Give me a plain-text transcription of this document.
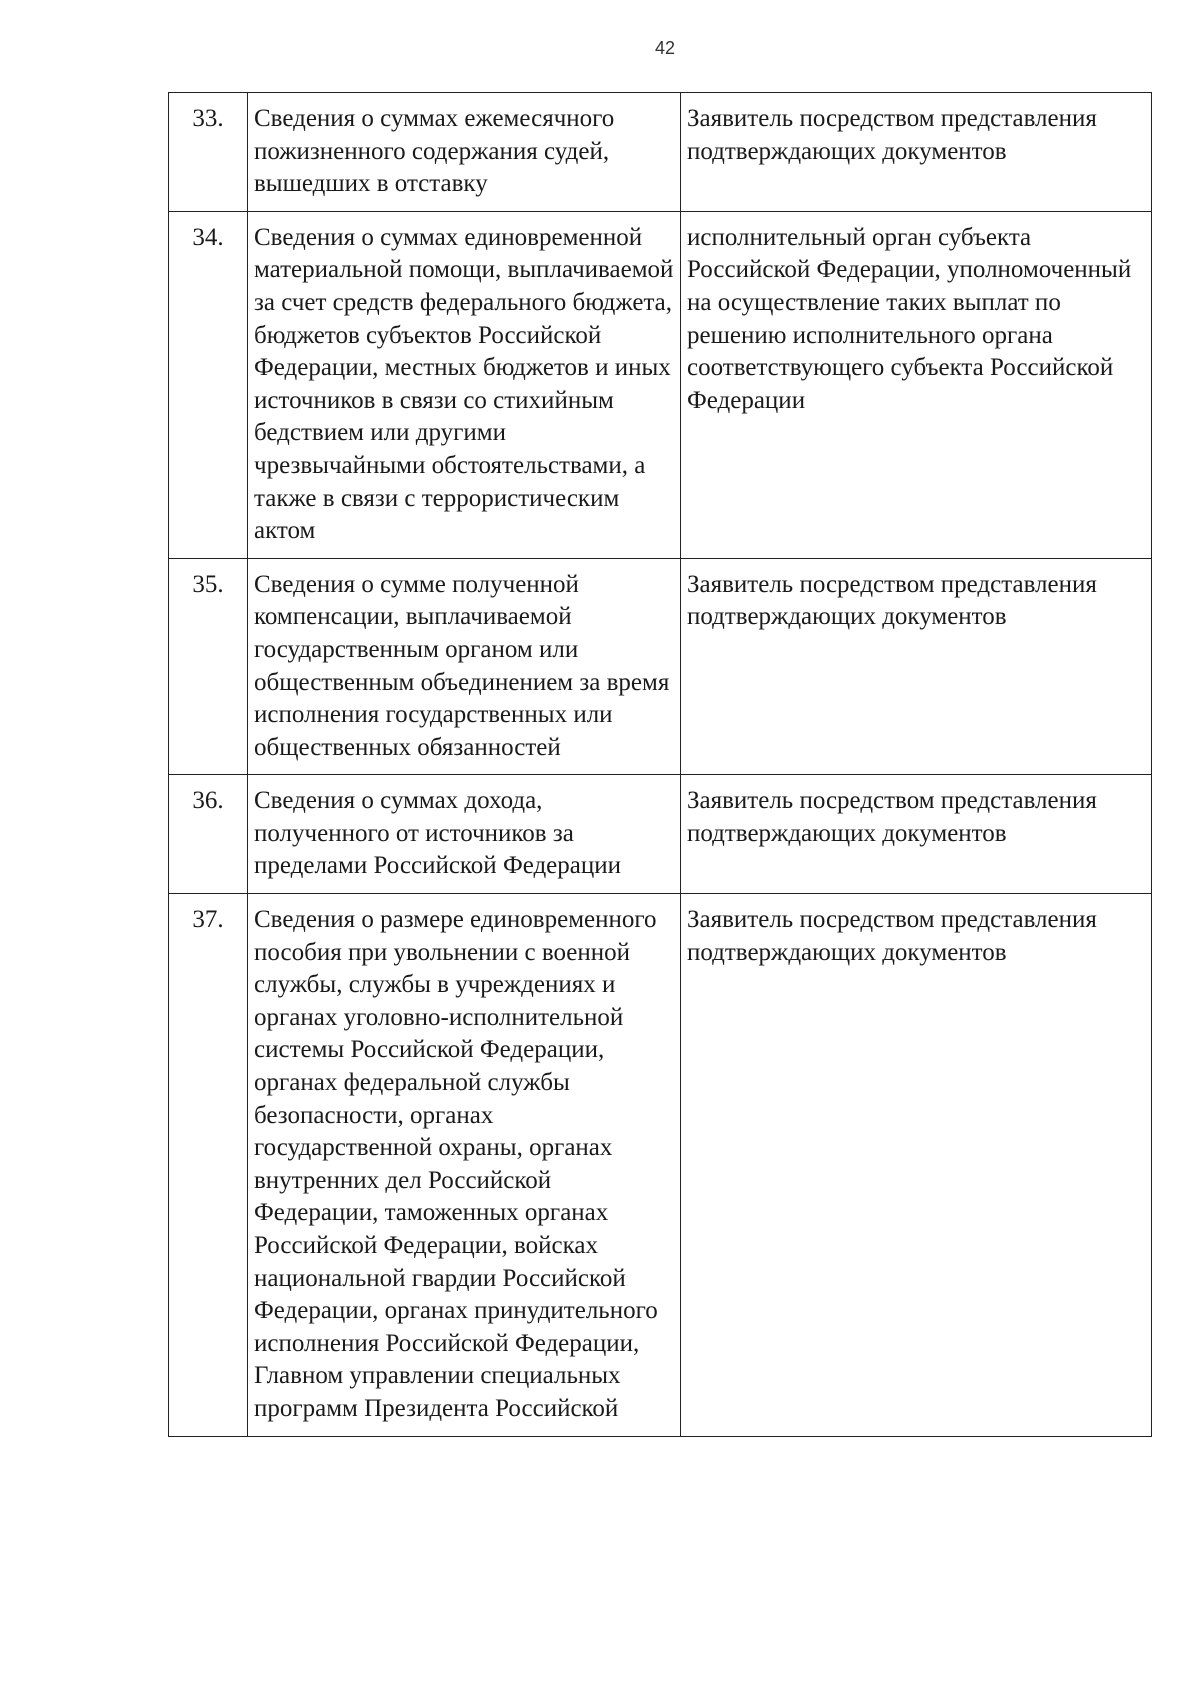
42
33.	Сведения о суммах ежемесячного пожизненного содержания судей, вышедших в отставку	Заявитель посредством представления подтверждающих документов

34.	Сведения о суммах единовременной материальной помощи, выплачиваемой за счет средств федерального бюджета, бюджетов субъектов Российской Федерации, местных бюджетов и иных источников в связи со стихийным бедствием или другими чрезвычайными обстоятельствами, а также в связи с террористическим актом	исполнительный орган субъекта Российской Федерации, уполномоченный на осуществление таких выплат по решению исполнительного органа соответствующего субъекта Российской Федерации

35.	Сведения о сумме полученной компенсации, выплачиваемой государственным органом или общественным объединением за время исполнения государственных или общественных обязанностей	Заявитель посредством представления подтверждающих документов

36.	Сведения о суммах дохода, полученного от источников за пределами Российской Федерации	Заявитель посредством представления подтверждающих документов

37.	Сведения о размере единовременного пособия при увольнении с военной службы, службы в учреждениях и органах уголовно-исполнительной системы Российской Федерации, органах федеральной службы безопасности, органах государственной охраны, органах внутренних дел Российской Федерации, таможенных органах Российской Федерации, войсках национальной гвардии Российской Федерации, органах принудительного исполнения Российской Федерации, Главном управлении специальных программ Президента Российской	Заявитель посредством представления подтверждающих документов
